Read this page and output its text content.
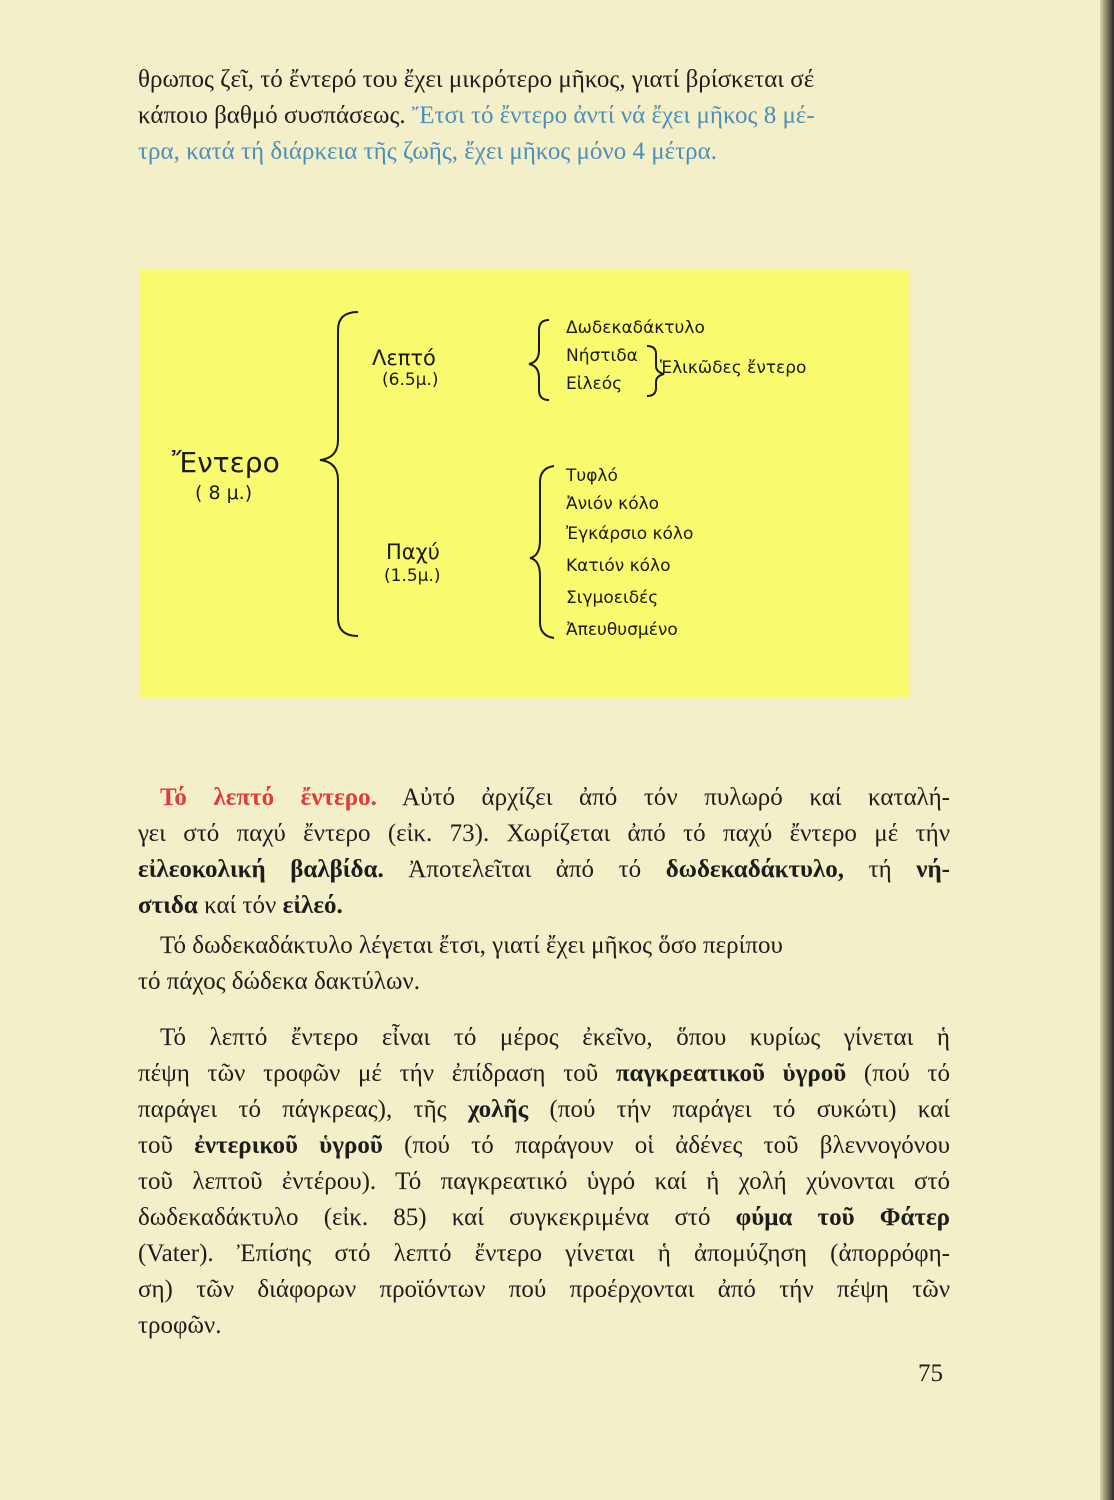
θρωπος ζεῖ, τό ἔντερό του ἔχει μικρότερο μῆκος, γιατί βρίσκεται σέ
κάποιο βαθμό συσπάσεως. Ἔτσι τό ἔντερο ἀντί νά ἔχει μῆκος 8 μέ-
τρα, κατά τή διάρκεια τῆς ζωῆς, ἔχει μῆκος μόνο 4 μέτρα.
Ἔντερο
( 8 μ.)
Λεπτό
(6.5μ.)
Δωδεκαδάκτυλο
Νήστιδα
Εἰλεός
Ἑλικῶδες ἔντερο
Παχύ
(1.5μ.)
Τυφλό
Ἀνιόν κόλο
Ἐγκάρσιο κόλο
Κατιόν κόλο
Σιγμοειδές
Ἀπευθυσμένο
Τό λεπτό ἔντερο. Αὐτό ἀρχίζει ἀπό τόν πυλωρό καί καταλή-
γει στό παχύ ἔντερο (εἰκ. 73). Χωρίζεται ἀπό τό παχύ ἔντερο μέ τήν
εἰλεοκολική βαλβίδα. Ἀποτελεῖται ἀπό τό δωδεκαδάκτυλο, τή νή-
στιδα καί τόν εἰλεό.
Τό δωδεκαδάκτυλο λέγεται ἔτσι, γιατί ἔχει μῆκος ὅσο περίπου
τό πάχος δώδεκα δακτύλων.
Τό λεπτό ἔντερο εἶναι τό μέρος ἐκεῖνο, ὅπου κυρίως γίνεται ἡ
πέψη τῶν τροφῶν μέ τήν ἐπίδραση τοῦ παγκρεατικοῦ ὑγροῦ (πού τό
παράγει τό πάγκρεας), τῆς χολῆς (πού τήν παράγει τό συκώτι) καί
τοῦ ἐντερικοῦ ὑγροῦ (πού τό παράγουν οἱ ἀδένες τοῦ βλεννογόνου
τοῦ λεπτοῦ ἐντέρου). Τό παγκρεατικό ὑγρό καί ἡ χολή χύνονται στό
δωδεκαδάκτυλο (εἰκ. 85) καί συγκεκριμένα στό φύμα τοῦ Φάτερ
(Vater). Ἐπίσης στό λεπτό ἔντερο γίνεται ἡ ἀπομύζηση (ἀπορρόφη-
ση) τῶν διάφορων προϊόντων πού προέρχονται ἀπό τήν πέψη τῶν
τροφῶν.
75
